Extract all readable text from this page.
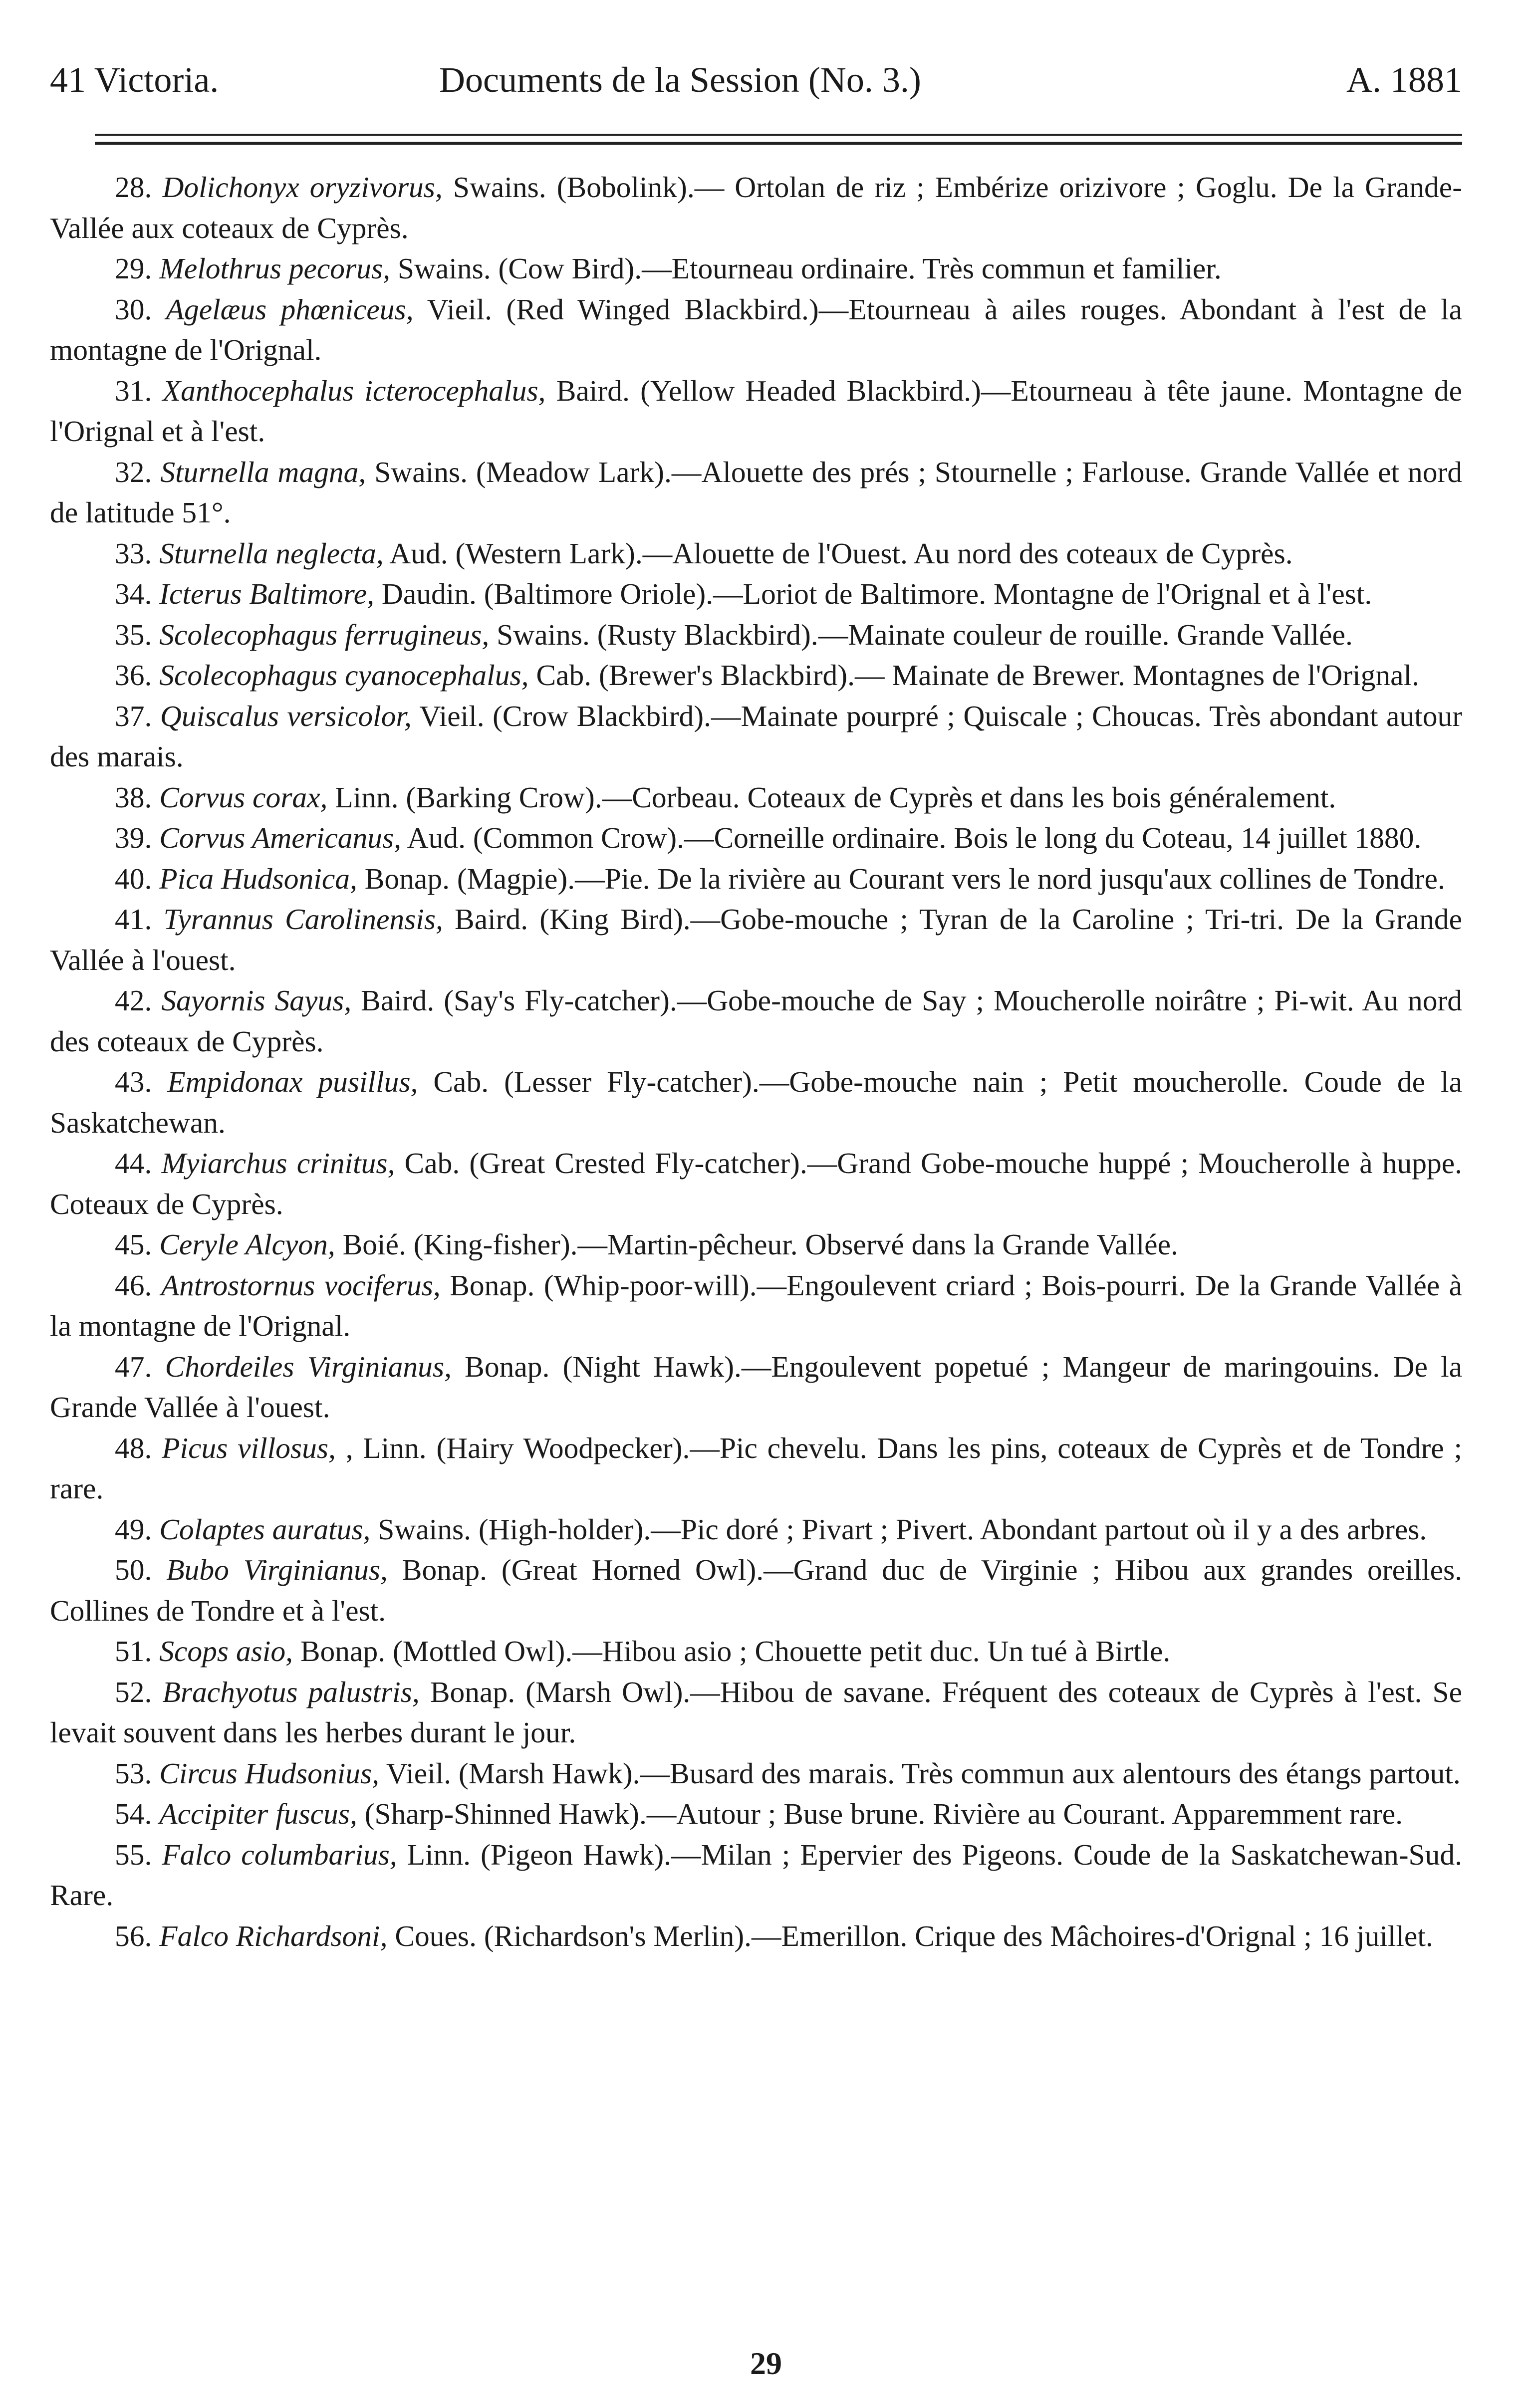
41 Victoria.	Documents de la Session (No. 3.)	A. 1881

28. Dolichonyx oryzivorus, Swains. (Bobolink).— Ortolan de riz ; Embérize orizivore ; Goglu. De la Grande-Vallée aux coteaux de Cyprès.

29. Melothrus pecorus, Swains. (Cow Bird).—Etourneau ordinaire. Très commun et familier.

30. Agelæus phœniceus, Vieil. (Red Winged Blackbird.)—Etourneau à ailes rouges. Abondant à l'est de la montagne de l'Orignal.

31. Xanthocephalus icterocephalus, Baird. (Yellow Headed Blackbird.)—Etourneau à tête jaune. Montagne de l'Orignal et à l'est.

32. Sturnella magna, Swains. (Meadow Lark).—Alouette des prés ; Stournelle ; Farlouse. Grande Vallée et nord de latitude 51°.

33. Sturnella neglecta, Aud. (Western Lark).—Alouette de l'Ouest. Au nord des coteaux de Cyprès.

34. Icterus Baltimore, Daudin. (Baltimore Oriole).—Loriot de Baltimore. Montagne de l'Orignal et à l'est.

35. Scolecophagus ferrugineus, Swains. (Rusty Blackbird).—Mainate couleur de rouille. Grande Vallée.

36. Scolecophagus cyanocephalus, Cab. (Brewer's Blackbird).— Mainate de Brewer. Montagnes de l'Orignal.

37. Quiscalus versicolor, Vieil. (Crow Blackbird).—Mainate pourpré ; Quiscale ; Choucas. Très abondant autour des marais.

38. Corvus corax, Linn. (Barking Crow).—Corbeau. Coteaux de Cyprès et dans les bois généralement.

39. Corvus Americanus, Aud. (Common Crow).—Corneille ordinaire. Bois le long du Coteau, 14 juillet 1880.

40. Pica Hudsonica, Bonap. (Magpie).—Pie. De la rivière au Courant vers le nord jusqu'aux collines de Tondre.

41. Tyrannus Carolinensis, Baird. (King Bird).—Gobe-mouche ; Tyran de la Caroline ; Tri-tri. De la Grande Vallée à l'ouest.

42. Sayornis Sayus, Baird. (Say's Fly-catcher).—Gobe-mouche de Say ; Moucherolle noirâtre ; Pi-wit. Au nord des coteaux de Cyprès.

43. Empidonax pusillus, Cab. (Lesser Fly-catcher).—Gobe-mouche nain ; Petit moucherolle. Coude de la Saskatchewan.

44. Myiarchus crinitus, Cab. (Great Crested Fly-catcher).—Grand Gobe-mouche huppé ; Moucherolle à huppe. Coteaux de Cyprès.

45. Ceryle Alcyon, Boié. (King-fisher).—Martin-pêcheur. Observé dans la Grande Vallée.

46. Antrostornus vociferus, Bonap. (Whip-poor-will).—Engoulevent criard ; Bois-pourri. De la Grande Vallée à la montagne de l'Orignal.

47. Chordeiles Virginianus, Bonap. (Night Hawk).—Engoulevent popetué ; Mangeur de maringouins. De la Grande Vallée à l'ouest.

48. Picus villosus, , Linn. (Hairy Woodpecker).—Pic chevelu. Dans les pins, coteaux de Cyprès et de Tondre ; rare.

49. Colaptes auratus, Swains. (High-holder).—Pic doré ; Pivart ; Pivert. Abondant partout où il y a des arbres.

50. Bubo Virginianus, Bonap. (Great Horned Owl).—Grand duc de Virginie ; Hibou aux grandes oreilles. Collines de Tondre et à l'est.

51. Scops asio, Bonap. (Mottled Owl).—Hibou asio ; Chouette petit duc. Un tué à Birtle.

52. Brachyotus palustris, Bonap. (Marsh Owl).—Hibou de savane. Fréquent des coteaux de Cyprès à l'est. Se levait souvent dans les herbes durant le jour.

53. Circus Hudsonius, Vieil. (Marsh Hawk).—Busard des marais. Très commun aux alentours des étangs partout.

54. Accipiter fuscus, (Sharp-Shinned Hawk).—Autour ; Buse brune. Rivière au Courant. Apparemment rare.

55. Falco columbarius, Linn. (Pigeon Hawk).—Milan ; Epervier des Pigeons. Coude de la Saskatchewan-Sud. Rare.

56. Falco Richardsoni, Coues. (Richardson's Merlin).—Emerillon. Crique des Mâchoires-d'Orignal ; 16 juillet.

29
